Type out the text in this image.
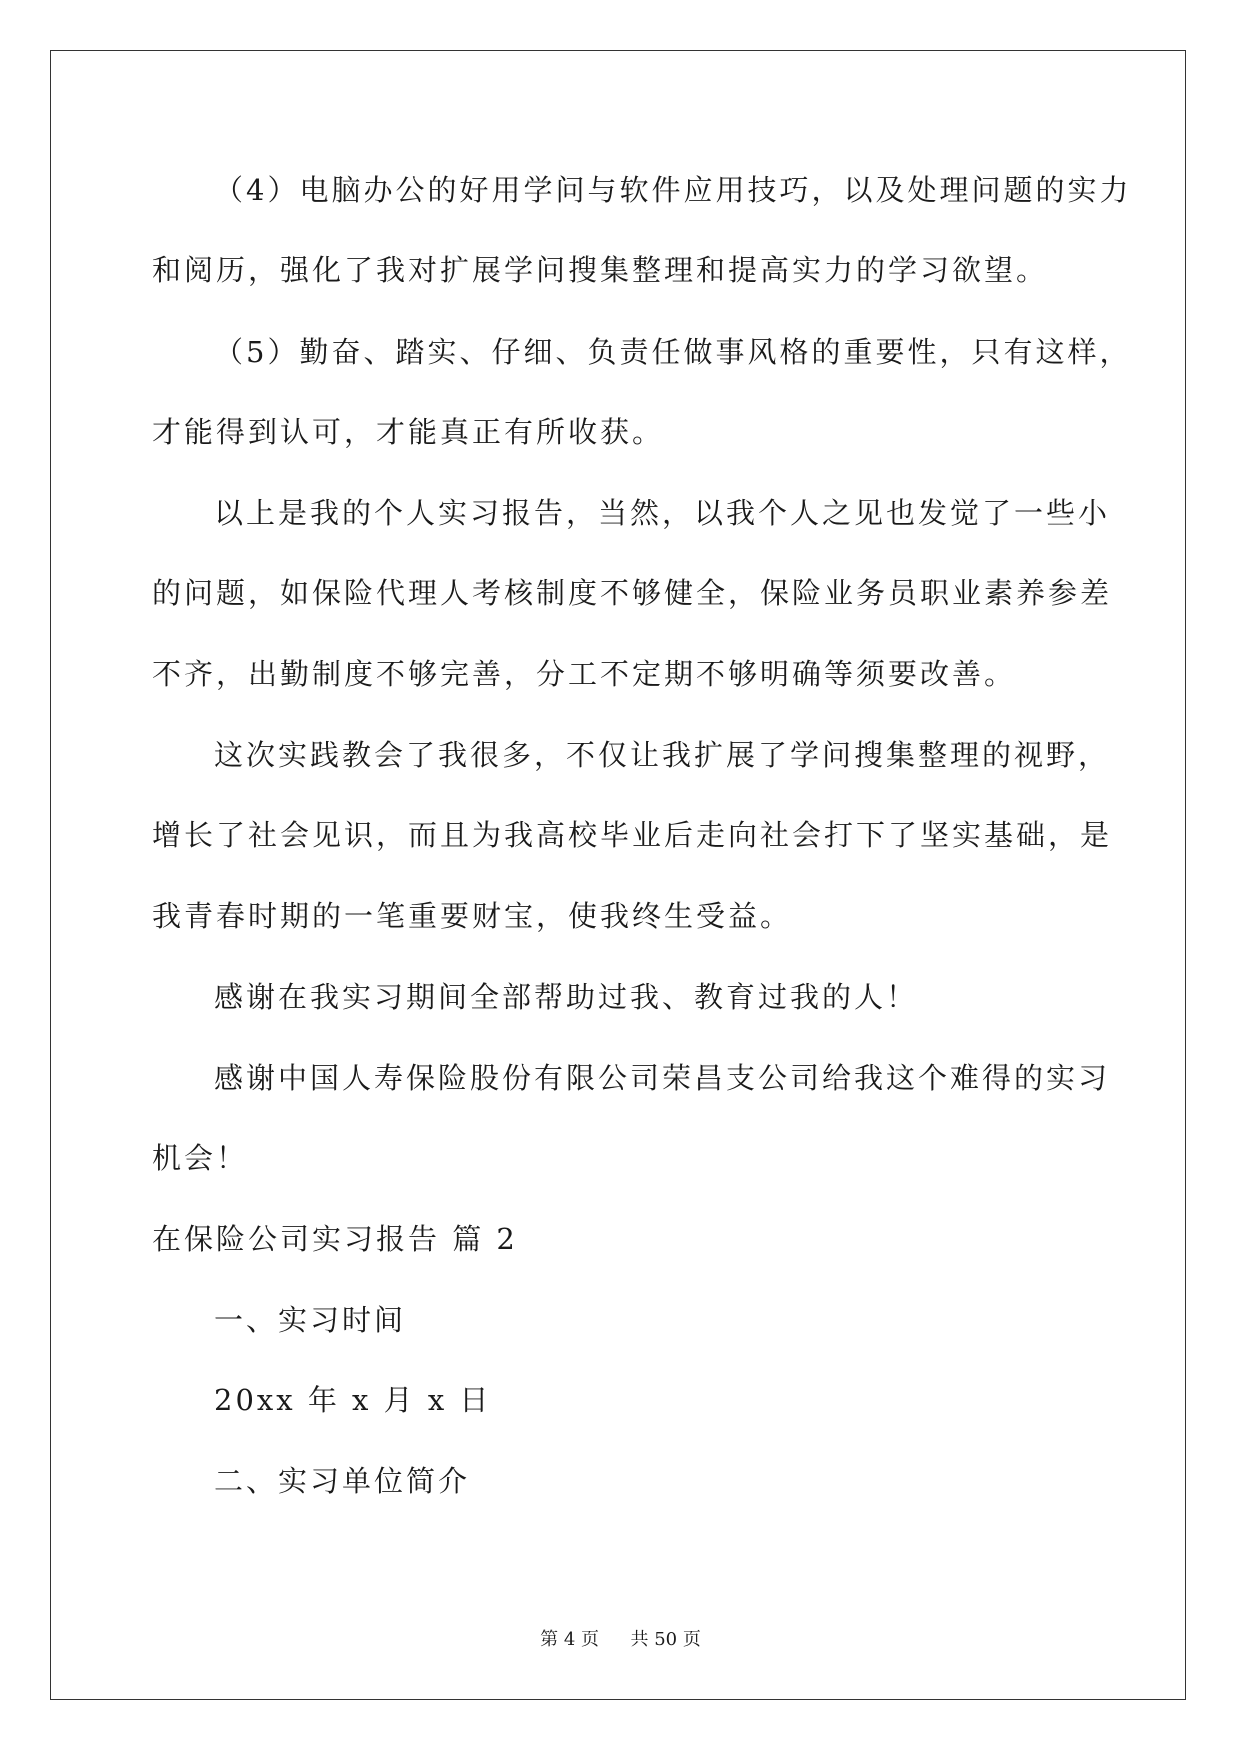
（4）电脑办公的好用学问与软件应用技巧，以及处理问题的实力
和阅历，强化了我对扩展学问搜集整理和提高实力的学习欲望。
（5）勤奋、踏实、仔细、负责任做事风格的重要性，只有这样，
才能得到认可，才能真正有所收获。
以上是我的个人实习报告，当然，以我个人之见也发觉了一些小
的问题，如保险代理人考核制度不够健全，保险业务员职业素养参差
不齐，出勤制度不够完善，分工不定期不够明确等须要改善。
这次实践教会了我很多，不仅让我扩展了学问搜集整理的视野，
增长了社会见识，而且为我高校毕业后走向社会打下了坚实基础，是
我青春时期的一笔重要财宝，使我终生受益。
感谢在我实习期间全部帮助过我、教育过我的人！
感谢中国人寿保险股份有限公司荣昌支公司给我这个难得的实习
机会！
在保险公司实习报告 篇 2
一、实习时间
20xx 年 x 月 x 日
二、实习单位简介
第 4 页 共 50 页
